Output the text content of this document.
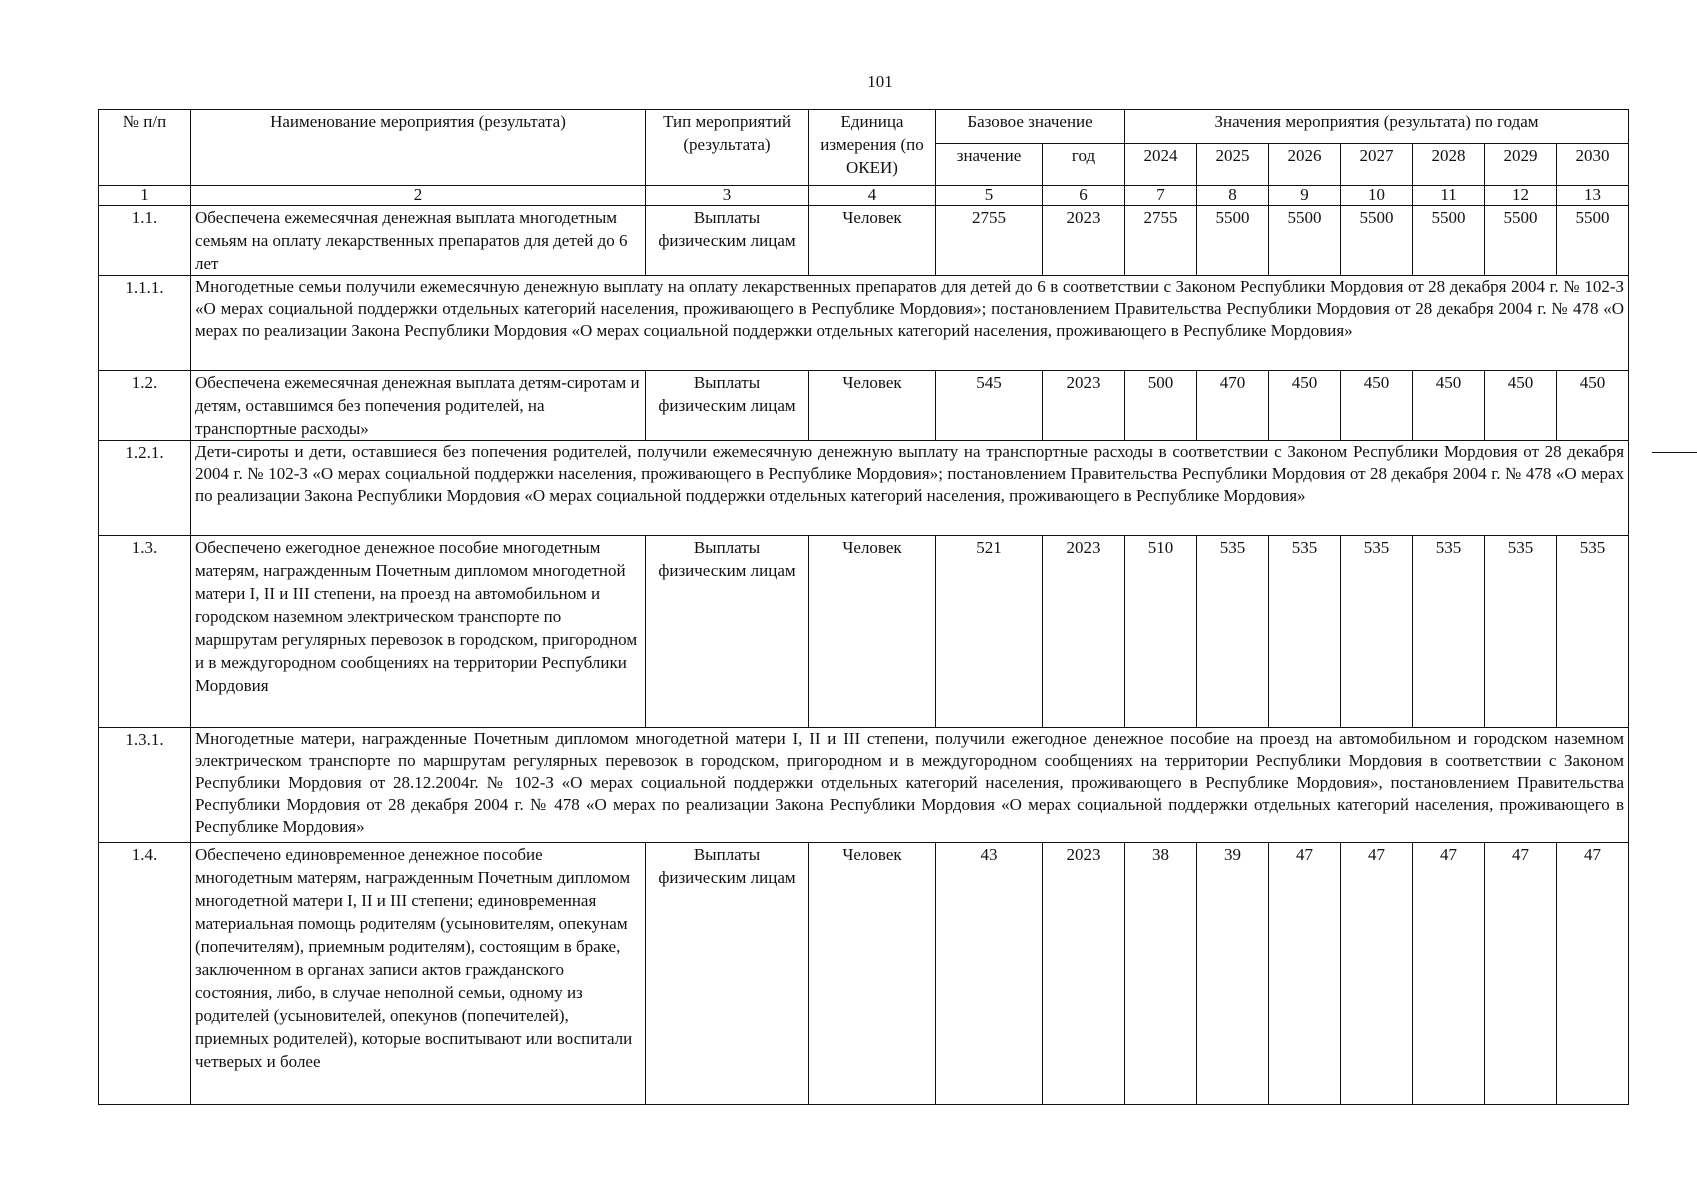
101
№ п/п	Наименование мероприятия (результата)	Тип мероприятий (результата)	Единица измерения (по ОКЕИ)	Базовое значение		Значения мероприятия (результата) по годам						
				значение	год	2024	2025	2026	2027	2028	2029	2030
1	2	3	4	5	6	7	8	9	10	11	12	13
1.1.	Обеспечена ежемесячная денежная выплата многодетным семьям на оплату лекарственных препаратов для детей до 6 лет	Выплаты физическим лицам	Человек	2755	2023	2755	5500	5500	5500	5500	5500	5500
1.1.1.	Многодетные семьи получили ежемесячную денежную выплату на оплату лекарственных препаратов для детей до 6 в соответствии с Законом Республики Мордовия от 28 декабря 2004 г. № 102-З «О мерах социальной поддержки отдельных категорий населения, проживающего в Республике Мордовия»; постановлением Правительства Республики Мордовия от 28 декабря 2004 г. № 478 «О мерах по реализации Закона Республики Мордовия «О мерах социальной поддержки отдельных категорий населения, проживающего в Республике Мордовия»											
1.2.	Обеспечена ежемесячная денежная выплата детям-сиротам и детям, оставшимся без попечения родителей, на транспортные расходы»	Выплаты физическим лицам	Человек	545	2023	500	470	450	450	450	450	450
1.2.1.	Дети-сироты и дети, оставшиеся без попечения родителей, получили ежемесячную денежную выплату на транспортные расходы в соответствии с Законом Республики Мордовия от 28 декабря 2004 г. № 102-З «О мерах социальной поддержки населения, проживающего в Республике Мордовия»; постановлением Правительства Республики Мордовия от 28 декабря 2004 г. № 478 «О мерах по реализации Закона Республики Мордовия «О мерах социальной поддержки отдельных категорий населения, проживающего в Республике Мордовия»											
1.3.	Обеспечено ежегодное денежное пособие многодетным матерям, награжденным Почетным дипломом многодетной матери I, II и III степени, на проезд на автомобильном и городском наземном электрическом транспорте по маршрутам регулярных перевозок в городском, пригородном и в междугородном сообщениях на территории Республики Мордовия	Выплаты физическим лицам	Человек	521	2023	510	535	535	535	535	535	535
1.3.1.	Многодетные матери, награжденные Почетным дипломом многодетной матери I, II и III степени, получили ежегодное денежное пособие на проезд на автомобильном и городском наземном электрическом транспорте по маршрутам регулярных перевозок в городском, пригородном и в междугородном сообщениях на территории Республики Мордовия в соответствии с Законом Республики Мордовия от 28.12.2004г. № 102-З «О мерах социальной поддержки отдельных категорий населения, проживающего в Республике Мордовия», постановлением Правительства Республики Мордовия от 28 декабря 2004 г. № 478 «О мерах по реализации Закона Республики Мордовия «О мерах социальной поддержки отдельных категорий населения, проживающего в Республике Мордовия»											
1.4.	Обеспечено единовременное денежное пособие многодетным матерям, награжденным Почетным дипломом многодетной матери I, II и III степени; единовременная материальная помощь родителям (усыновителям, опекунам (попечителям), приемным родителям), состоящим в браке, заключенном в органах записи актов гражданского состояния, либо, в случае неполной семьи, одному из родителей (усыновителей, опекунов (попечителей), приемных родителей), которые воспитывают или воспитали четверых и более	Выплаты физическим лицам	Человек	43	2023	38	39	47	47	47	47	47
